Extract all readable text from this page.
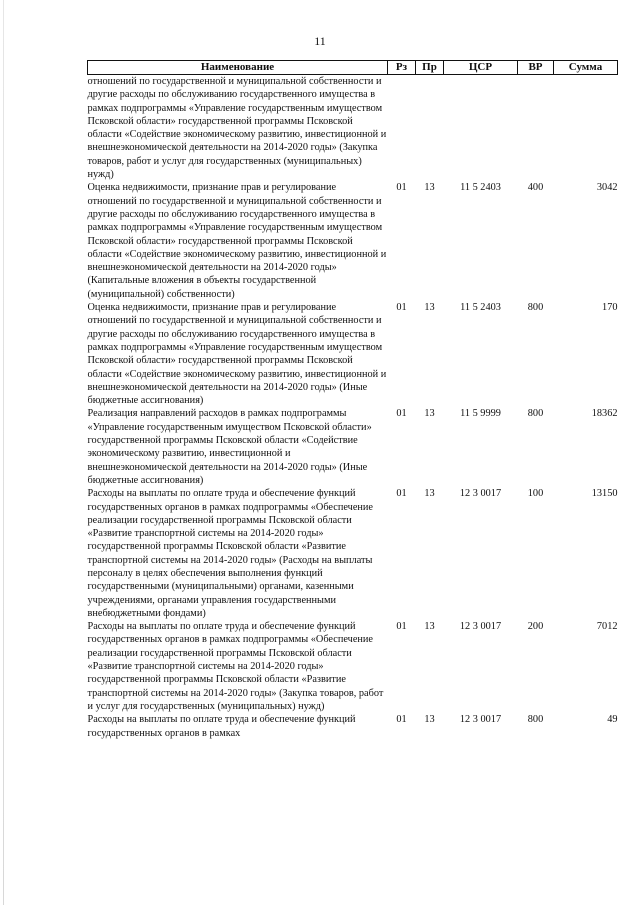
11
Наименование	Рз	Пр	ЦСР	ВР	Сумма
отношений по государственной и муниципальной собственности и другие расходы по обслуживанию государственного имущества в рамках подпрограммы «Управление государственным имуществом Псковской области» государственной программы Псковской области «Содействие экономическому развитию, инвестиционной и внешнеэкономической деятельности на 2014-2020 годы» (Закупка товаров, работ и услуг для государственных (муниципальных) нужд)					
Оценка недвижимости, признание прав и регулирование отношений по государственной и муниципальной собственности и другие расходы по обслуживанию государственного имущества в рамках подпрограммы «Управление государственным имуществом Псковской области» государственной программы Псковской области «Содействие экономическому развитию, инвестиционной и внешнеэкономической деятельности на 2014-2020 годы» (Капитальные вложения в объекты государственной (муниципальной) собственности)	01	13	11 5 2403	400	3042
Оценка недвижимости, признание прав и регулирование отношений по государственной и муниципальной собственности и другие расходы по обслуживанию государственного имущества в рамках подпрограммы «Управление государственным имуществом Псковской области» государственной программы Псковской области «Содействие экономическому развитию, инвестиционной и внешнеэкономической деятельности на 2014-2020 годы» (Иные бюджетные ассигнования)	01	13	11 5 2403	800	170
Реализация направлений расходов в рамках подпрограммы «Управление государственным имуществом Псковской области» государственной программы Псковской области «Содействие экономическому развитию, инвестиционной и внешнеэкономической деятельности на 2014-2020 годы» (Иные бюджетные ассигнования)	01	13	11 5 9999	800	18362
Расходы на выплаты по оплате труда и обеспечение функций государственных органов в рамках подпрограммы «Обеспечение реализации государственной программы Псковской области «Развитие транспортной системы на 2014-2020 годы» государственной программы Псковской области «Развитие транспортной системы на 2014-2020 годы» (Расходы на выплаты персоналу в целях обеспечения выполнения функций государственными (муниципальными) органами, казенными учреждениями, органами управления государственными внебюджетными фондами)	01	13	12 3 0017	100	13150
Расходы на выплаты по оплате труда и обеспечение функций государственных органов в рамках подпрограммы «Обеспечение реализации государственной программы Псковской области «Развитие транспортной системы на 2014-2020 годы» государственной программы Псковской области «Развитие транспортной системы на 2014-2020 годы» (Закупка товаров, работ и услуг для государственных (муниципальных) нужд)	01	13	12 3 0017	200	7012
Расходы на выплаты по оплате труда и обеспечение функций государственных органов в рамках	01	13	12 3 0017	800	49
